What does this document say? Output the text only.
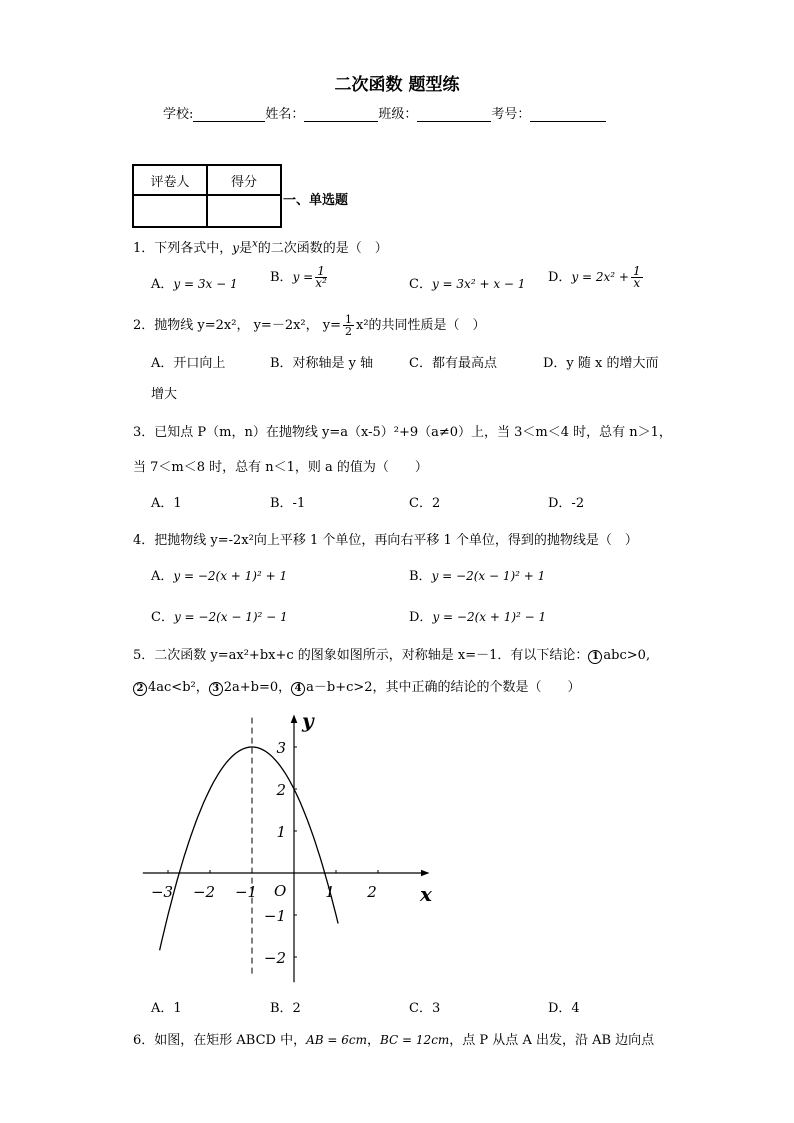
二次函数 题型练
学校:	姓名：	班级：	考号：
评卷人	得分

一、单选题
1．下列各式中，y是$^x$的二次函数的是（　）
A．y = 3x − 1 B．$y = \frac{1}{\text{x²}}$	C．y = 3x² + x − 1 D．$y = 2x^2 + \frac{1}{x}$
2．抛物线 y=2x²， y=－2x²， $y= \frac{1}{2} x^2$的共同性质是（　）
A．开口向上	B．对称轴是 y 轴	C．都有最高点	D．y 随 x 的增大而
增大
3．已知点 P（m，n）在抛物线 y=a（x-5）²+9（a≠0）上，当 3＜m＜4 时，总有 n＞1，
当 7＜m＜8 时，总有 n＜1，则 a 的值为（　　）
A．1	B．-1	C．2	D．-2
4．把抛物线 y=-2x²向上平移 1 个单位，再向右平移 1 个单位，得到的抛物线是（　）
A．y = −2(x + 1)² + 1	B．y = −2(x − 1)² + 1
C．y = −2(x − 1)² − 1	D．y = −2(x + 1)² − 1
5．二次函数 y=ax²+bx+c 的图象如图所示，对称轴是 x=－1．有以下结论： 1 abc>0,
2 4ac<b²， 3 2a+b=0， 4 a－b+c>2，其中正确的结论的个数是（　　）
−3 −2 −1	1 2
3
2
1
−1
−2
y
x
O
A．1	B．2	C．3	D．4
6．如图，在矩形 ABCD 中，AB = 6cm，BC = 12cm，点 P 从点 A 出发，沿 AB 边向点
